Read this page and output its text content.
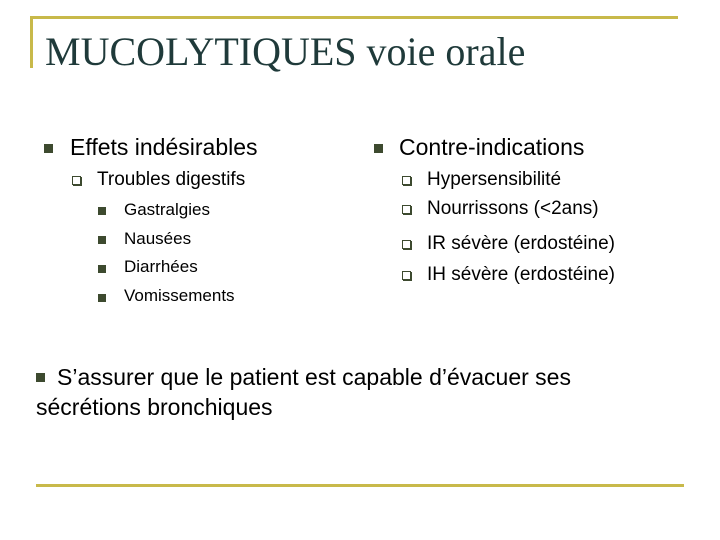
MUCOLYTIQUES voie orale

Effets indésirables

Troubles digestifs

Gastralgies

Nausées

Diarrhées

Vomissements

Contre-indications

Hypersensibilité

Nourrissons (<2ans)

IR sévère (erdostéine)

IH sévère (erdostéine)

S’assurer que le patient est capable d’évacuer ses sécrétions bronchiques
